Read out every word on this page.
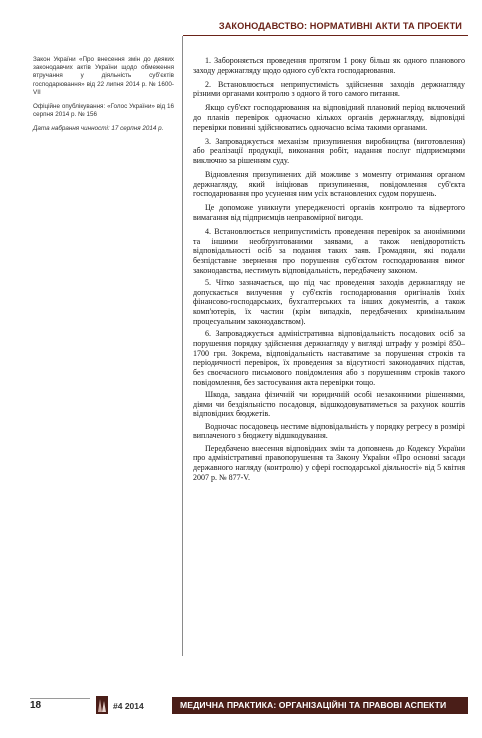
ЗАКОНОДАВСТВО: НОРМАТИВНІ АКТИ ТА ПРОЕКТИ

Закон України «Про внесення змін до деяких законодавчих актів України щодо обмеження втручання у діяльність суб'єктів господарювання» від 22 липня 2014 р. № 1600-VII

Офіційне опублікування: «Голос України» від 16 серпня 2014 р. № 156

Дата набрання чинності: 17 серпня 2014 р.

1. Забороняється проведення протягом 1 року більш як одного планового заходу держнагляду щодо одного суб'єкта господарювання.

2. Встановлюється неприпустимість здійснення заходів держнагляду різними органами контролю з одного й того самого питання.

Якщо суб'єкт господарювання на відповідний плановий період включений до планів перевірок одночасно кількох органів держнагляду, відповідні перевірки повинні здійснюватись одночасно всіма такими органами.

3. Запроваджується механізм призупинення виробництва (виготовлення) або реалізації продукції, виконання робіт, надання послуг підприємцями виключно за рішенням суду.

Відновлення призупинених дій можливе з моменту отримання органом держнагляду, який ініціював призупинення, повідомлення суб'єкта господарювання про усунення ним усіх встановлених судом порушень.

Це допоможе уникнути упередженості органів контролю та відвертого вимагання від підприємців неправомірної вигоди.

4. Встановлюється неприпустимість проведення перевірок за анонімними та іншими необґрунтованими заявами, а також невідворотність відповідальності осіб за подання таких заяв. Громадяни, які подали безпідставне звернення про порушення суб'єктом господарювання вимог законодавства, нестимуть відповідальність, передбачену законом.

5. Чітко зазначається, що під час проведення заходів держнагляду не допускається вилучення у суб'єктів господарювання оригіналів їхніх фінансово-господарських, бухгалтерських та інших документів, а також комп'ютерів, їх частин (крім випадків, передбачених кримінальним процесуальним законодавством).

6. Запроваджується адміністративна відповідальність посадових осіб за порушення порядку здійснення держнагляду у вигляді штрафу у розмірі 850–1700 грн. Зокрема, відповідальність наставатиме за порушення строків та періодичності перевірок, їх проведення за відсутності законодавчих підстав, без своєчасного письмового повідомлення або з порушенням строків такого повідомлення, без застосування акта перевірки тощо.

Шкода, завдана фізичній чи юридичній особі незаконними рішеннями, діями чи бездіяльністю посадовця, відшкодовуватиметься за рахунок коштів відповідних бюджетів.

Водночас посадовець нестиме відповідальність у порядку регресу в розмірі виплаченого з бюджету відшкодування.

Передбачено внесення відповідних змін та доповнень до Кодексу України про адміністративні правопорушення та Закону України «Про основні засади державного нагляду (контролю) у сфері господарської діяльності» від 5 квітня 2007 р. № 877-V.

18	#4 2014	МЕДИЧНА ПРАКТИКА: ОРГАНІЗАЦІЙНІ ТА ПРАВОВІ АСПЕКТИ
